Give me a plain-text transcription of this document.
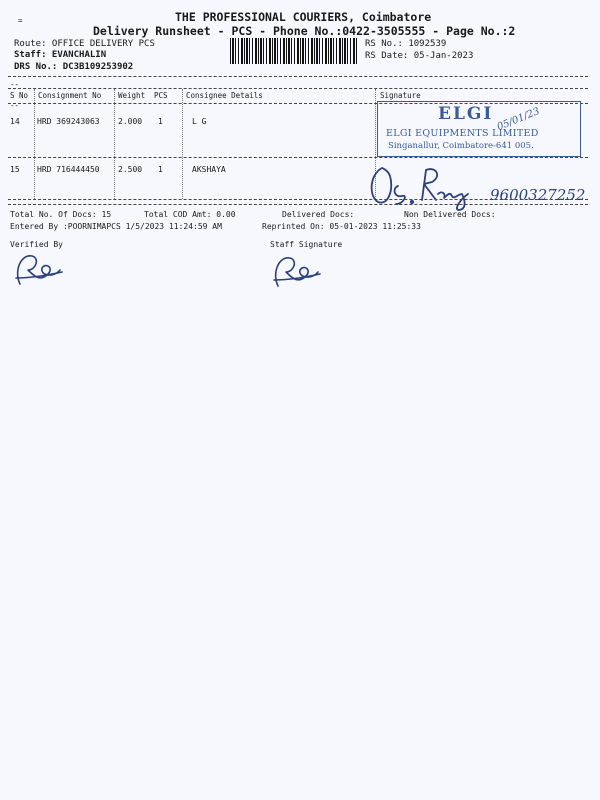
=	THE PROFESSIONAL COURIERS, Coimbatore
Delivery Runsheet - PCS - Phone No.:0422-3505555 - Page No.:2
Route: OFFICE DELIVERY PCS
Staff: EVANCHALIN
DRS No.: DC3B109253902
RS No.: 1092539
RS Date: 05-Jan-2023
--
S No Consignment No Weight PCS Consignee Details	Signature
--
14 HRD 369243063 2.000 1	L G	ELGI
ELGI EQUIPMENTS LIMITED
Singanallur, Coimbatore-641 005.
05/01/23
15 HRD 716444450 2.500 1	AKSHAYA
9600327252
Total No. Of Docs: 15	Total COD Amt: 0.00	Delivered Docs:	Non Delivered Docs:
Entered By :POORNIMAPCS 1/5/2023 11:24:59 AM	Reprinted On: 05-01-2023 11:25:33
Verified By	Staff Signature
